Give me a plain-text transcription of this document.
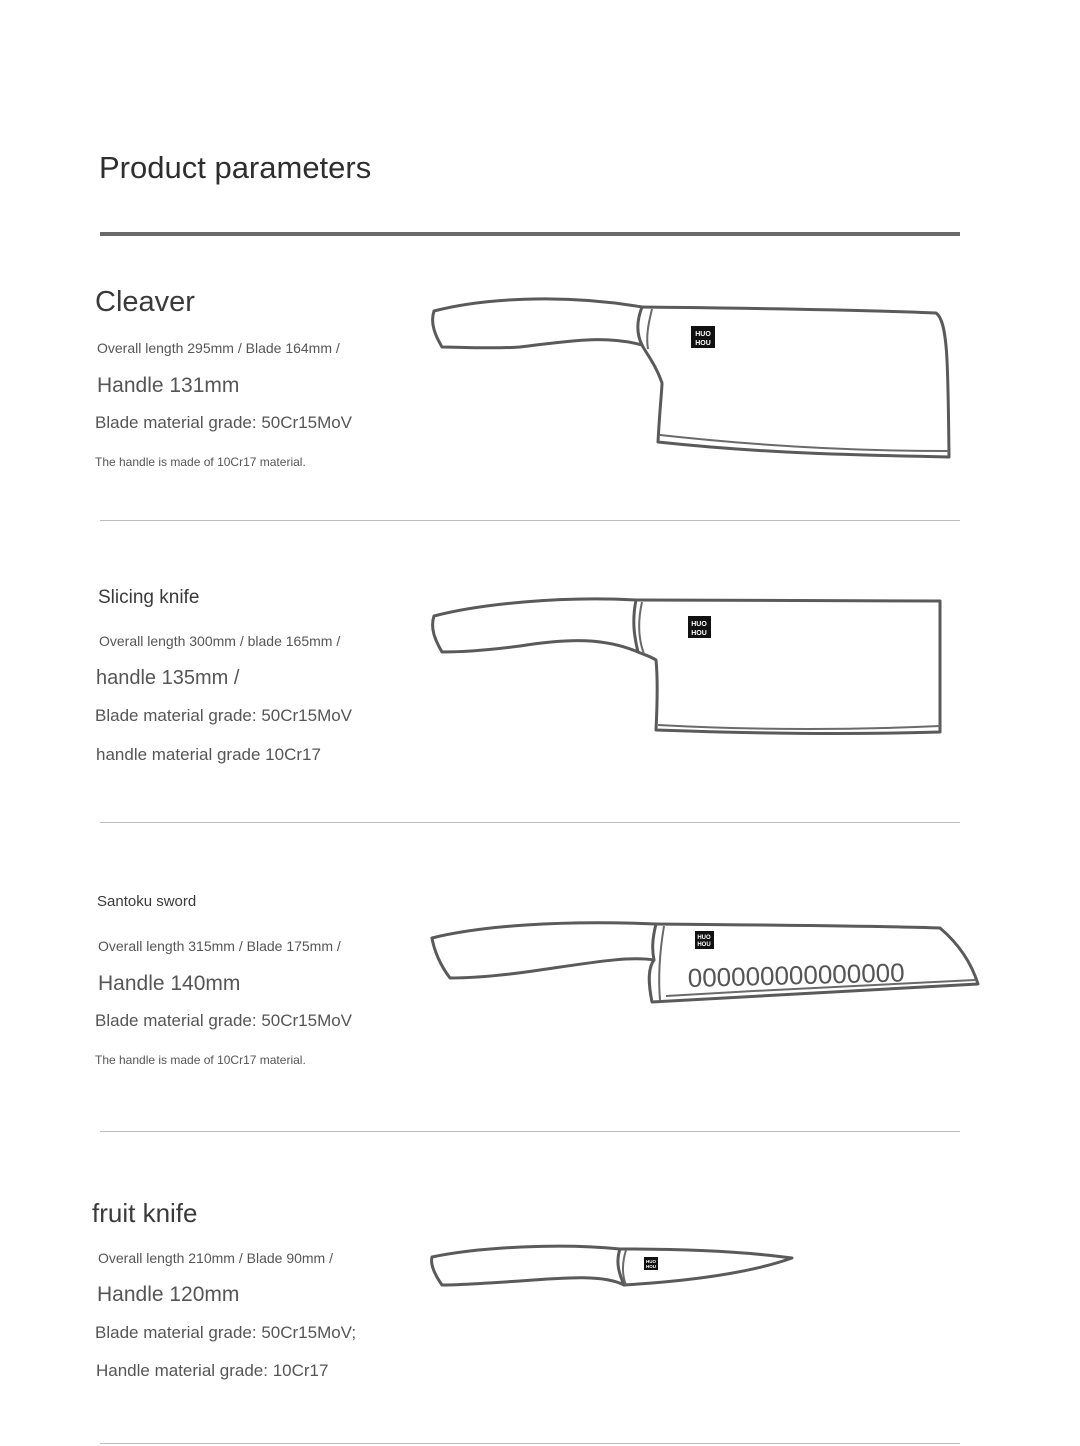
Product parameters
Cleaver
Overall length 295mm / Blade 164mm /
Handle 131mm
Blade material grade: 50Cr15MoV
The handle is made of 10Cr17 material.
HUO
HOU
Slicing knife
Overall length 300mm / blade 165mm /
handle 135mm /
Blade material grade: 50Cr15MoV
handle material grade 10Cr17
HUO
HOU
Santoku sword
Overall length 315mm / Blade 175mm /
Handle 140mm
Blade material grade: 50Cr15MoV
The handle is made of 10Cr17 material.
HUO
HOU
000000000000000
fruit knife
Overall length 210mm / Blade 90mm /
Handle 120mm
Blade material grade: 50Cr15MoV;
Handle material grade: 10Cr17
HUO
HOU
